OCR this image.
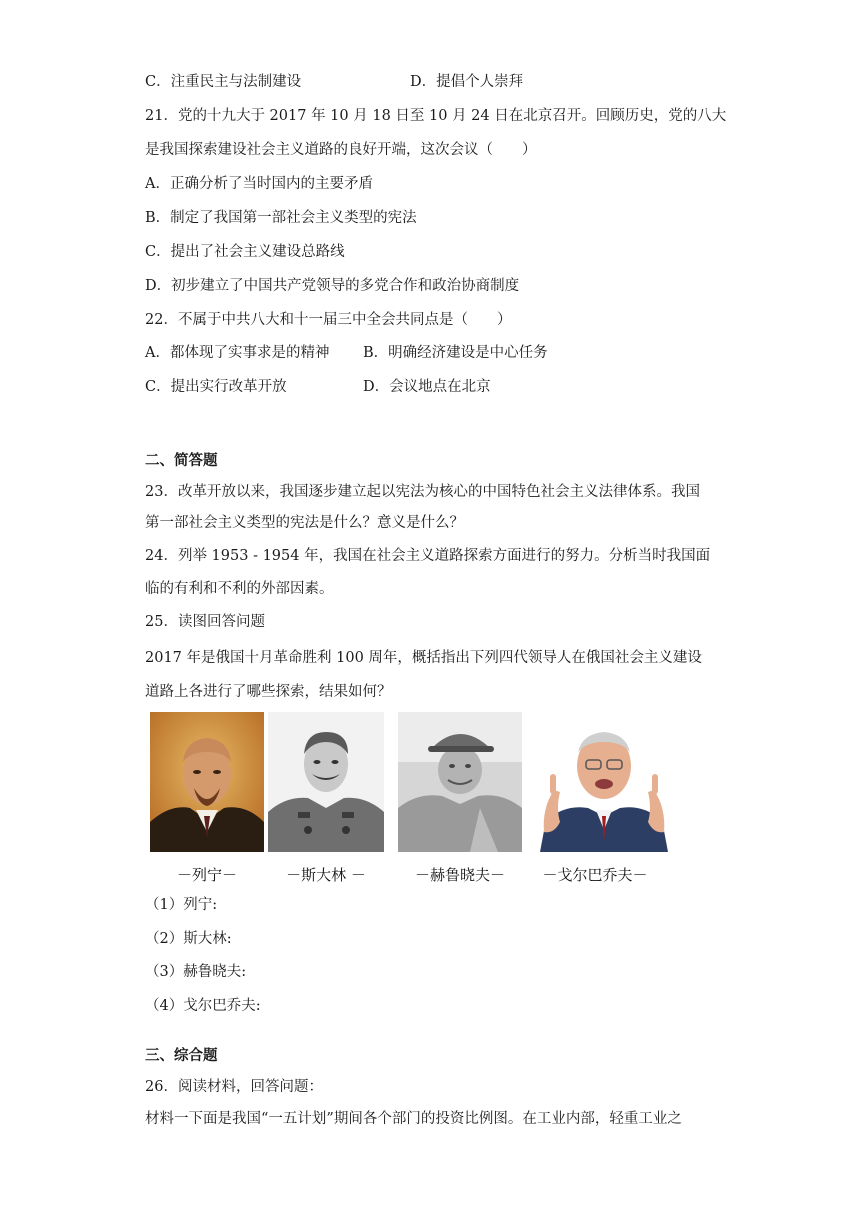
C．注重民主与法制建设	D．提倡个人崇拜
21．党的十九大于 2017 年 10 月 18 日至 10 月 24 日在北京召开。回顾历史，党的八大
是我国探索建设社会主义道路的良好开端，这次会议（　　）
A．正确分析了当时国内的主要矛盾
B．制定了我国第一部社会主义类型的宪法
C．提出了社会主义建设总路线
D．初步建立了中国共产党领导的多党合作和政治协商制度
22．不属于中共八大和十一届三中全会共同点是（　　）
A．都体现了实事求是的精神 B．明确经济建设是中心任务
C．提出实行改革开放	D．会议地点在北京
二、简答题
23．改革开放以来，我国逐步建立起以宪法为核心的中国特色社会主义法律体系。我国
第一部社会主义类型的宪法是什么？意义是什么？
24．列举 1953 - 1954 年，我国在社会主义道路探索方面进行的努力。分析当时我国面
临的有利和不利的外部因素。
25．读图回答问题
2017 年是俄国十月革命胜利 100 周年，概括指出下列四代领导人在俄国社会主义建设
道路上各进行了哪些探索，结果如何？
－列宁－	－斯大林 －	－赫鲁晓夫－	－戈尔巴乔夫－
（1）列宁:
（2）斯大林:
（3）赫鲁晓夫:
（4）戈尔巴乔夫:
三、综合题
26．阅读材料，回答问题：
材料一下面是我国“一五计划”期间各个部门的投资比例图。在工业内部，轻重工业之
